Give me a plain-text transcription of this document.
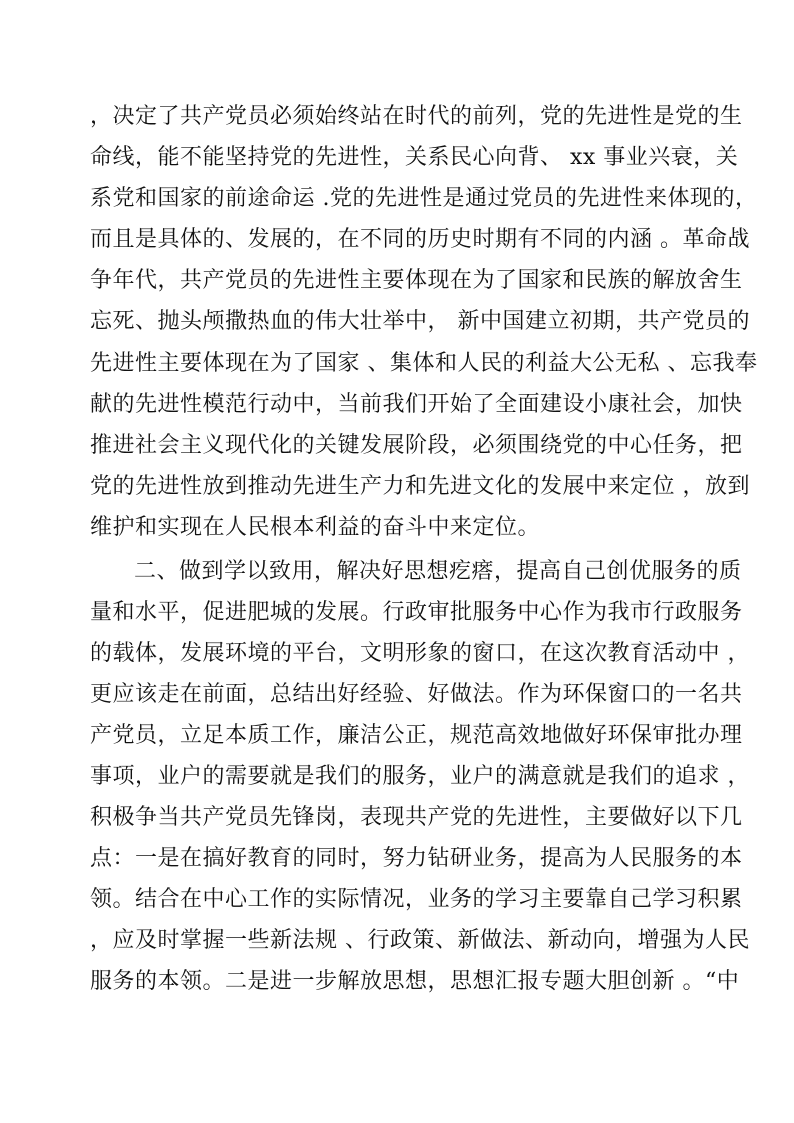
，决定了共产党员必须始终站在时代的前列，党的先进性是党的生
命线，能不能坚持党的先进性，关系民心向背、 xx 事业兴衰，关
系党和国家的前途命运 .党的先进性是通过党员的先进性来体现的，
而且是具体的、发展的，在不同的历史时期有不同的内涵 。革命战
争年代，共产党员的先进性主要体现在为了国家和民族的解放舍生
忘死、抛头颅撒热血的伟大壮举中， 新中国建立初期，共产党员的
先进性主要体现在为了国家 、集体和人民的利益大公无私 、忘我奉
献的先进性模范行动中，当前我们开始了全面建设小康社会，加快
推进社会主义现代化的关键发展阶段，必须围绕党的中心任务，把
党的先进性放到推动先进生产力和先进文化的发展中来定位 ，放到
维护和实现在人民根本利益的奋斗中来定位。
二、做到学以致用，解决好思想疙瘩，提高自己创优服务的质
量和水平，促进肥城的发展。行政审批服务中心作为我市行政服务
的载体，发展环境的平台，文明形象的窗口，在这次教育活动中 ，
更应该走在前面，总结出好经验、好做法。作为环保窗口的一名共
产党员，立足本质工作，廉洁公正，规范高效地做好环保审批办理
事项，业户的需要就是我们的服务，业户的满意就是我们的追求 ，
积极争当共产党员先锋岗，表现共产党的先进性，主要做好以下几
点：一是在搞好教育的同时，努力钻研业务，提高为人民服务的本
领。结合在中心工作的实际情况，业务的学习主要靠自己学习积累
，应及时掌握一些新法规 、行政策、新做法、新动向，增强为人民
服务的本领。二是进一步解放思想，思想汇报专题大胆创新 。“中
